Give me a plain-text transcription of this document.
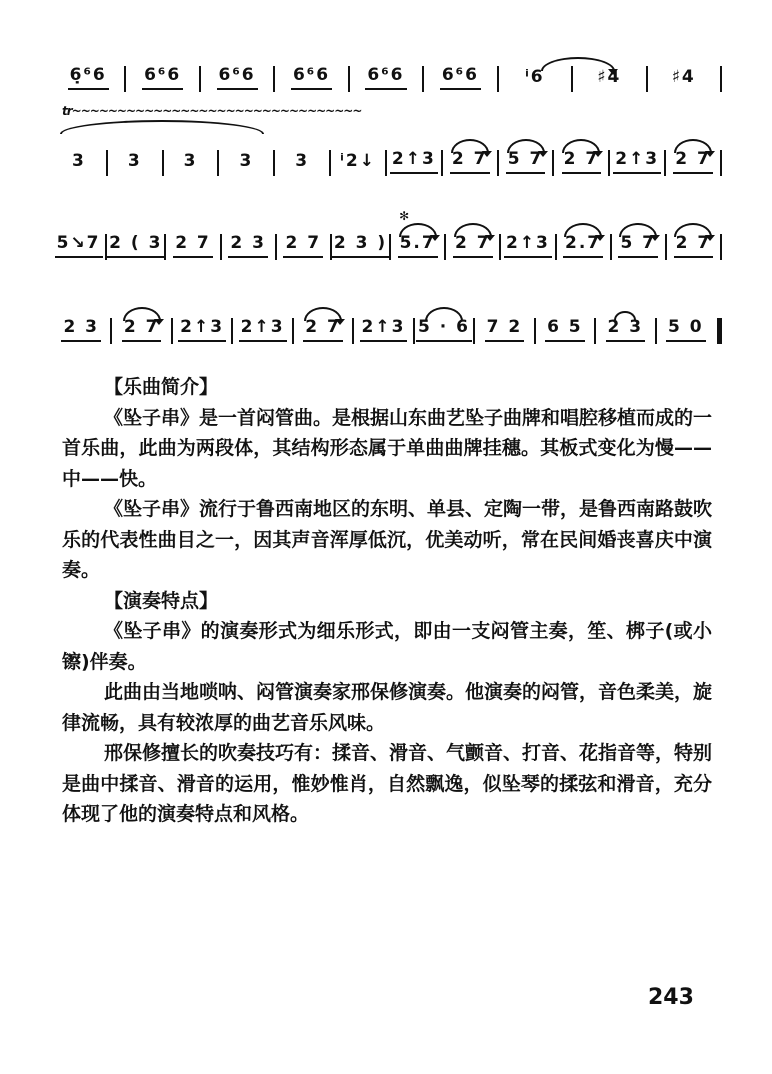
6̣⁶6 6⁶6 6⁶6 6⁶6 6⁶6 6⁶6	ⁱ6	♯4	♯4
tr~~~~~~~~~~~~~~~~~~~~~~~~~~~~~~~~
3 3 3 3 3 ⁱ2↓ 2↑3 2 7 5 7 2 7 2↑3 2 7
5↘7 2 ( 3 2 7 2 3 2 7 2 3 ) 5.7
✻
2 7 2↑3 2.7 5 7 2 7
2 3 2 7 2↑3 2↑3 2 7 2↑3 5 · 6 7 2 6 5 2 3 5 0

【乐曲简介】

《坠子串》是一首闷管曲。是根据山东曲艺坠子曲牌和唱腔移植而成的一首乐曲，此曲为两段体，其结构形态属于单曲曲牌挂穗。其板式变化为慢——中——快。

《坠子串》流行于鲁西南地区的东明、单县、定陶一带，是鲁西南路鼓吹乐的代表性曲目之一，因其声音浑厚低沉，优美动听，常在民间婚丧喜庆中演奏。

【演奏特点】

《坠子串》的演奏形式为细乐形式，即由一支闷管主奏，笙、梆子(或小镲)伴奏。

此曲由当地唢呐、闷管演奏家邢保修演奏。他演奏的闷管，音色柔美，旋律流畅，具有较浓厚的曲艺音乐风味。

邢保修擅长的吹奏技巧有：揉音、滑音、气颤音、打音、花指音等，特别是曲中揉音、滑音的运用，惟妙惟肖，自然飘逸，似坠琴的揉弦和滑音，充分体现了他的演奏特点和风格。

243
